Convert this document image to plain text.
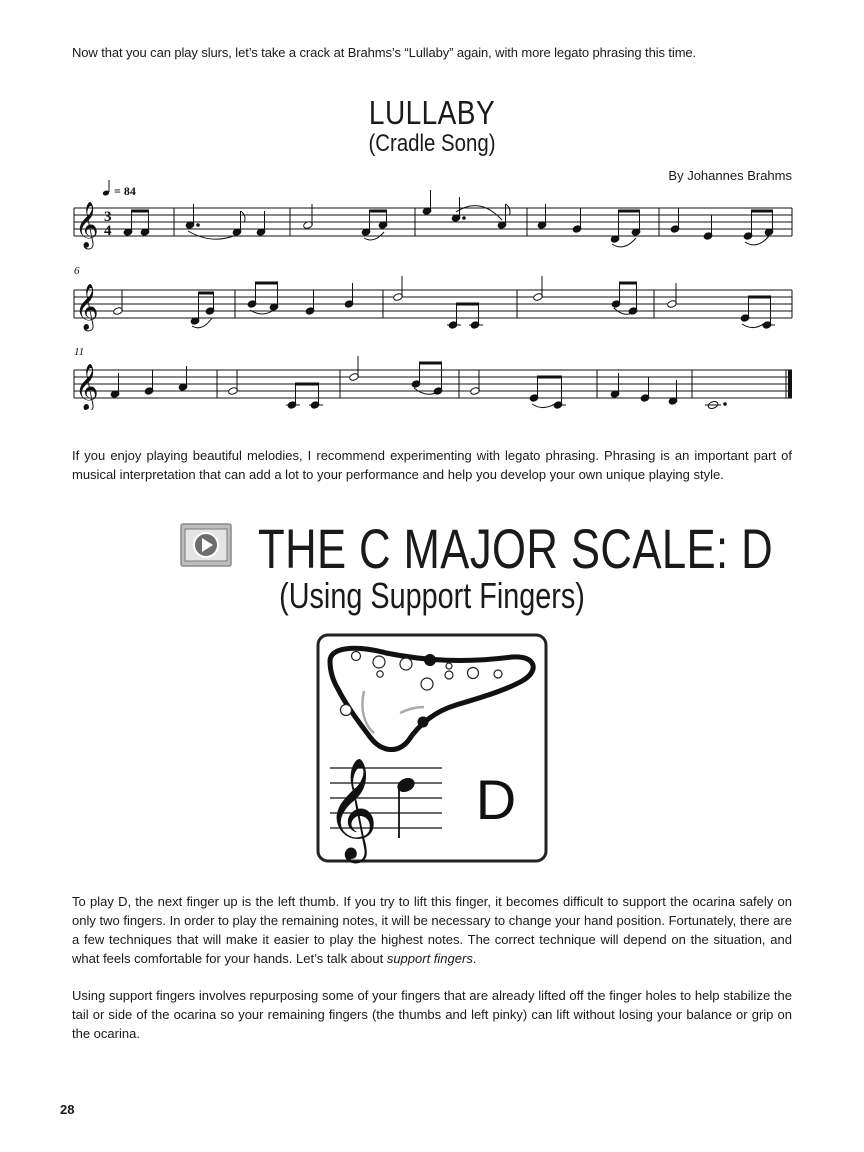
Now that you can play slurs, let’s take a crack at Brahms’s “Lullaby” again, with more legato phrasing this time.
LULLABY
(Cradle Song)
By Johannes Brahms
= 84
𝄞 3
4
6
𝄞
11
𝄞
If you enjoy playing beautiful melodies, I recommend experimenting with legato phrasing. Phrasing is an important part of musical interpretation that can add a lot to your performance and help you develop your own unique playing style.
THE C MAJOR SCALE: D
(Using Support Fingers)
𝄞 D
To play D, the next finger up is the left thumb. If you try to lift this finger, it becomes difficult to support the ocarina safely on only two fingers. In order to play the remaining notes, it will be necessary to change your hand position. Fortunately, there are a few techniques that will make it easier to play the highest notes. The correct technique will depend on the situation, and what feels comfortable for your hands. Let’s talk about support fingers.
Using support fingers involves repurposing some of your fingers that are already lifted off the finger holes to help stabilize the tail or side of the ocarina so your remaining fingers (the thumbs and left pinky) can lift without losing your balance or grip on the ocarina.
28
